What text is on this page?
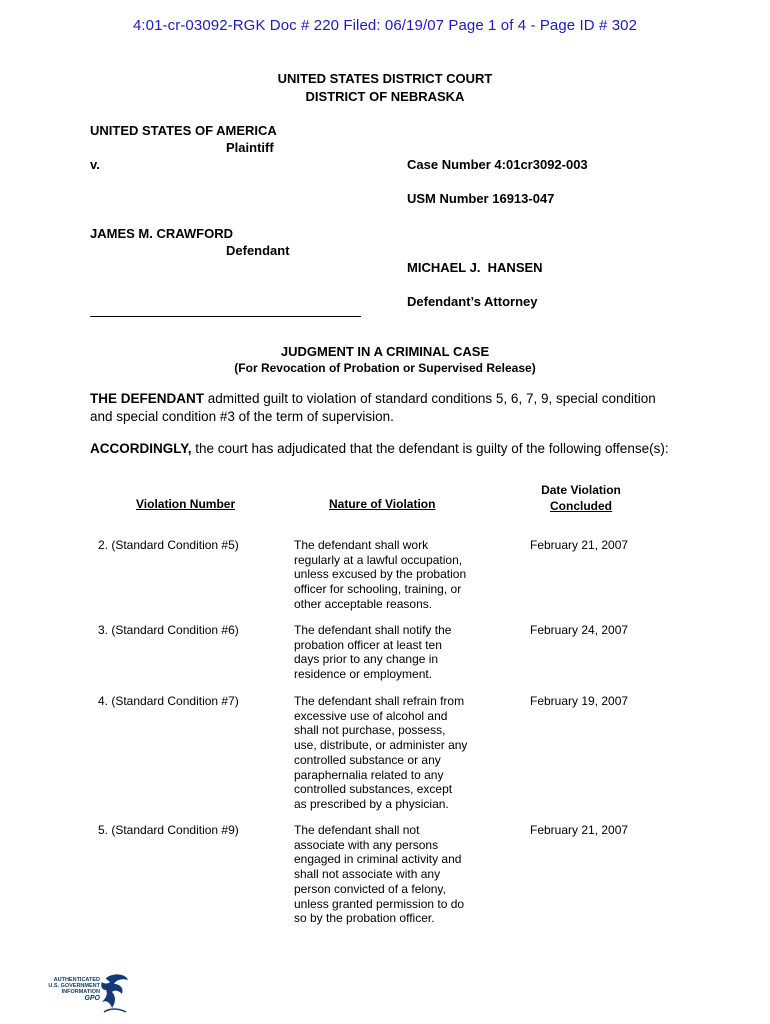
4:01-cr-03092-RGK Doc # 220 Filed: 06/19/07 Page 1 of 4 - Page ID # 302
UNITED STATES DISTRICT COURT
DISTRICT OF NEBRASKA
UNITED STATES OF AMERICA
Plaintiff
v.
JAMES M. CRAWFORD
Defendant
Case Number 4:01cr3092-003
USM Number 16913-047
MICHAEL J.  HANSEN
Defendant’s Attorney
JUDGMENT IN A CRIMINAL CASE
(For Revocation of Probation or Supervised Release)
THE DEFENDANT admitted guilt to violation of standard conditions 5, 6, 7, 9, special condition
and special condition #3 of the term of supervision.
ACCORDINGLY, the court has adjudicated that the defendant is guilty of the following offense(s):
Violation Number	Nature of Violation
Date Violation
Concluded
2. (Standard Condition #5)	The defendant shall work
regularly at a lawful occupation,
unless excused by the probation
officer for schooling, training, or
other acceptable reasons.
February 21, 2007
3. (Standard Condition #6)	The defendant shall notify the
probation officer at least ten
days prior to any change in
residence or employment.
February 24, 2007
4. (Standard Condition #7)	The defendant shall refrain from
excessive use of alcohol and
shall not purchase, possess,
use, distribute, or administer any
controlled substance or any
paraphernalia related to any
controlled substances, except
as prescribed by a physician.
February 19, 2007
5. (Standard Condition #9)	The defendant shall not
associate with any persons
engaged in criminal activity and
shall not associate with any
person convicted of a felony,
unless granted permission to do
so by the probation officer.
February 21, 2007
AUTHENTICATED
U.S. GOVERNMENT
INFORMATION
GPO
